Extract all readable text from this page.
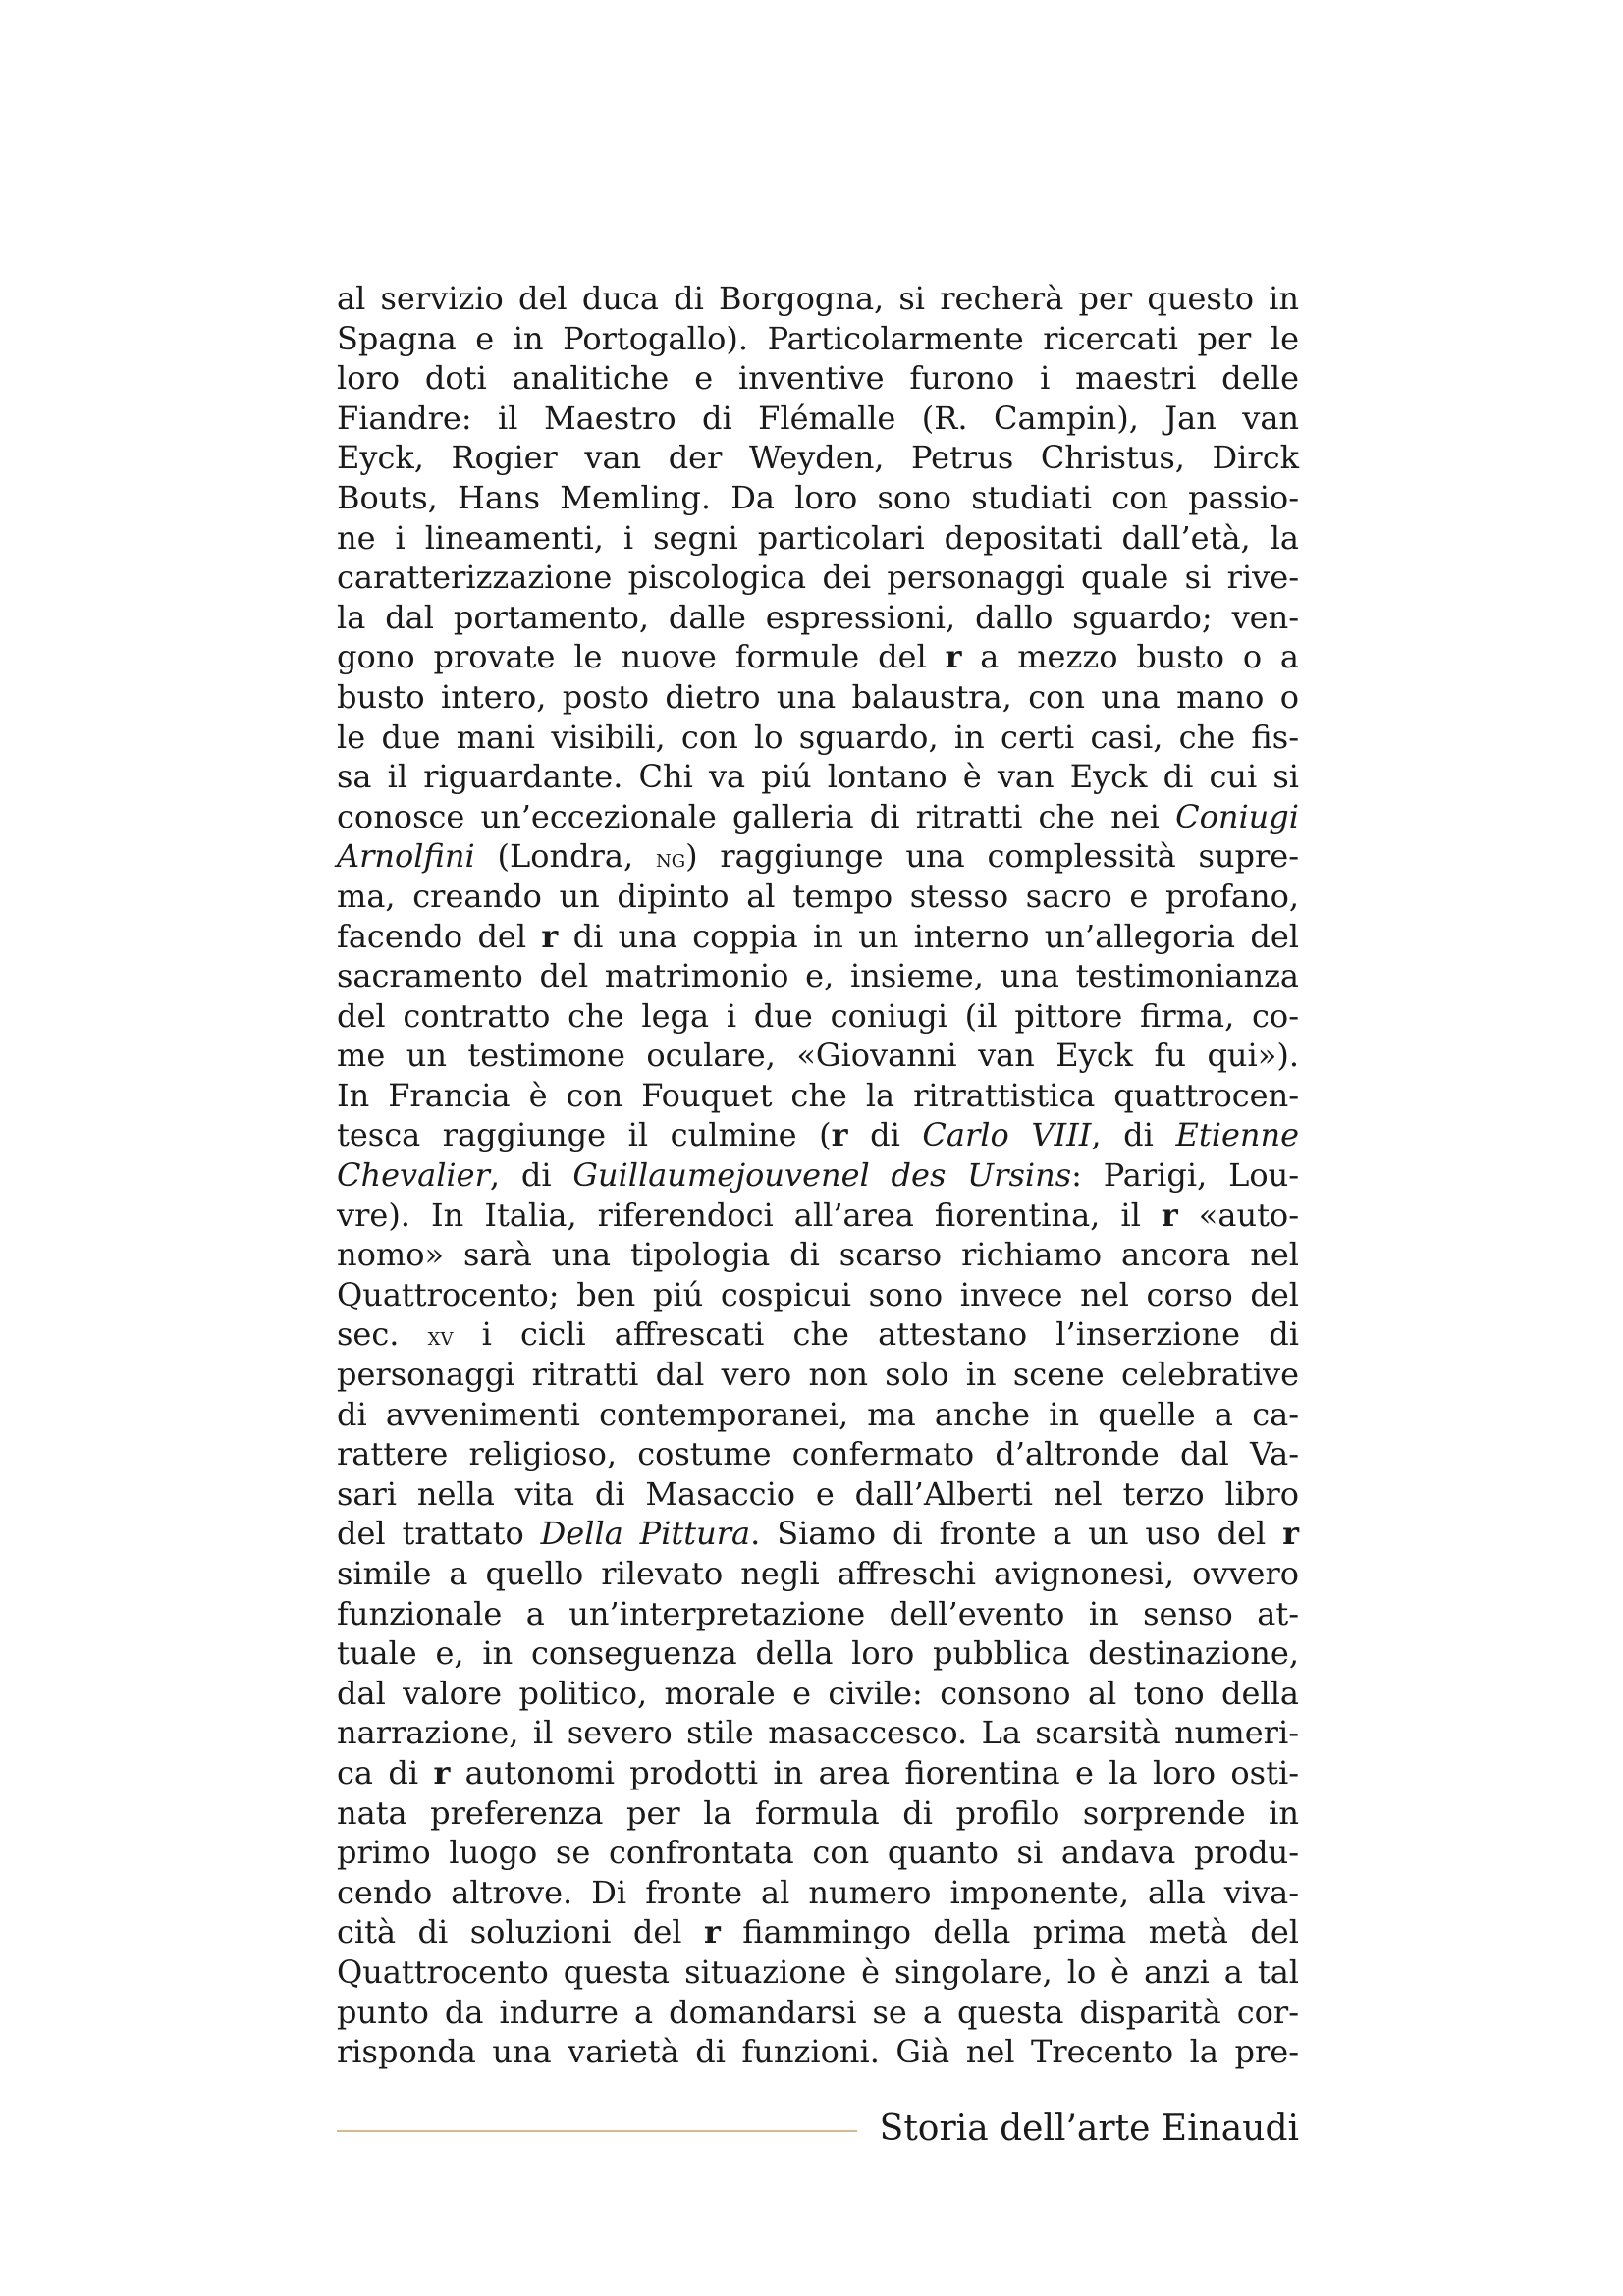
al servizio del duca di Borgogna, si recherà per questo in
Spagna e in Portogallo). Particolarmente ricercati per le
loro doti analitiche e inventive furono i maestri delle
Fiandre: il Maestro di Flémalle (R. Campin), Jan van
Eyck, Rogier van der Weyden, Petrus Christus, Dirck
Bouts, Hans Memling. Da loro sono studiati con passio-
ne i lineamenti, i segni particolari depositati dall’età, la
caratterizzazione piscologica dei personaggi quale si rive-
la dal portamento, dalle espressioni, dallo sguardo; ven-
gono provate le nuove formule del r a mezzo busto o a
busto intero, posto dietro una balaustra, con una mano o
le due mani visibili, con lo sguardo, in certi casi, che fis-
sa il riguardante. Chi va piú lontano è van Eyck di cui si
conosce un’eccezionale galleria di ritratti che nei Coniugi
Arnolfini (Londra, ng) raggiunge una complessità supre-
ma, creando un dipinto al tempo stesso sacro e profano,
facendo del r di una coppia in un interno un’allegoria del
sacramento del matrimonio e, insieme, una testimonianza
del contratto che lega i due coniugi (il pittore firma, co-
me un testimone oculare, «Giovanni van Eyck fu qui»).
In Francia è con Fouquet che la ritrattistica quattrocen-
tesca raggiunge il culmine (r di Carlo VIII, di Etienne
Chevalier, di Guillaumejouvenel des Ursins: Parigi, Lou-
vre). In Italia, riferendoci all’area fiorentina, il r «auto-
nomo» sarà una tipologia di scarso richiamo ancora nel
Quattrocento; ben piú cospicui sono invece nel corso del
sec. xv i cicli affrescati che attestano l’inserzione di
personaggi ritratti dal vero non solo in scene celebrative
di avvenimenti contemporanei, ma anche in quelle a ca-
rattere religioso, costume confermato d’altronde dal Va-
sari nella vita di Masaccio e dall’Alberti nel terzo libro
del trattato Della Pittura. Siamo di fronte a un uso del r
simile a quello rilevato negli affreschi avignonesi, ovvero
funzionale a un’interpretazione dell’evento in senso at-
tuale e, in conseguenza della loro pubblica destinazione,
dal valore politico, morale e civile: consono al tono della
narrazione, il severo stile masaccesco. La scarsità numeri-
ca di r autonomi prodotti in area fiorentina e la loro osti-
nata preferenza per la formula di profilo sorprende in
primo luogo se confrontata con quanto si andava produ-
cendo altrove. Di fronte al numero imponente, alla viva-
cità di soluzioni del r fiammingo della prima metà del
Quattrocento questa situazione è singolare, lo è anzi a tal
punto da indurre a domandarsi se a questa disparità cor-
risponda una varietà di funzioni. Già nel Trecento la pre-
Storia dell’arte Einaudi
